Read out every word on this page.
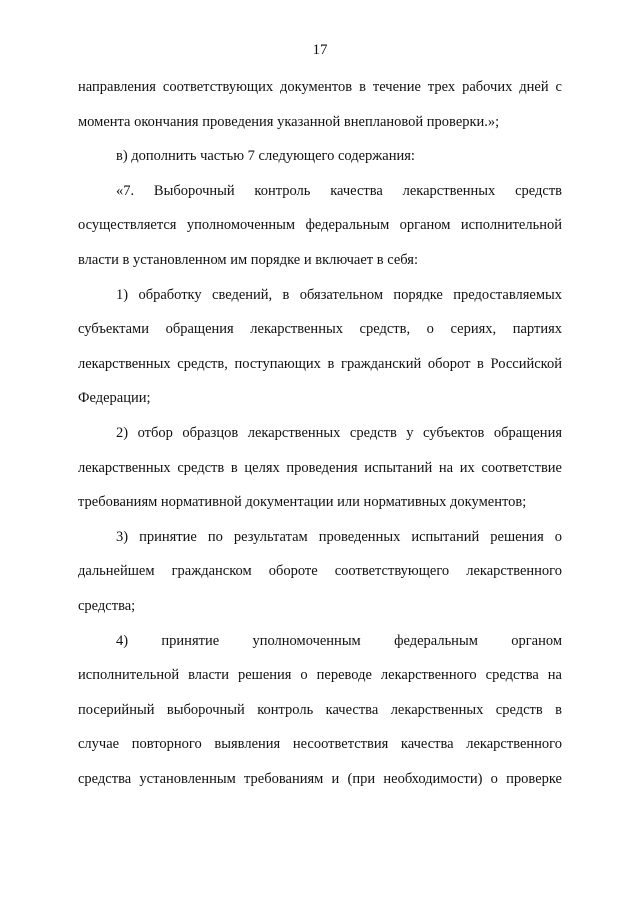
17
направления соответствующих документов в течение трех рабочих дней с
момента окончания проведения указанной внеплановой проверки.»;
в) дополнить частью 7 следующего содержания:
«7. Выборочный контроль качества лекарственных средств
осуществляется уполномоченным федеральным органом исполнительной
власти в установленном им порядке и включает в себя:
1) обработку сведений, в обязательном порядке предоставляемых
субъектами обращения лекарственных средств, о сериях, партиях
лекарственных средств, поступающих в гражданский оборот в Российской
Федерации;
2) отбор образцов лекарственных средств у субъектов обращения
лекарственных средств в целях проведения испытаний на их соответствие
требованиям нормативной документации или нормативных документов;
3) принятие по результатам проведенных испытаний решения о
дальнейшем гражданском обороте соответствующего лекарственного
средства;
4) принятие уполномоченным федеральным органом
исполнительной власти решения о переводе лекарственного средства на
посерийный выборочный контроль качества лекарственных средств в
случае повторного выявления несоответствия качества лекарственного
средства установленным требованиям и (при необходимости) о проверке
